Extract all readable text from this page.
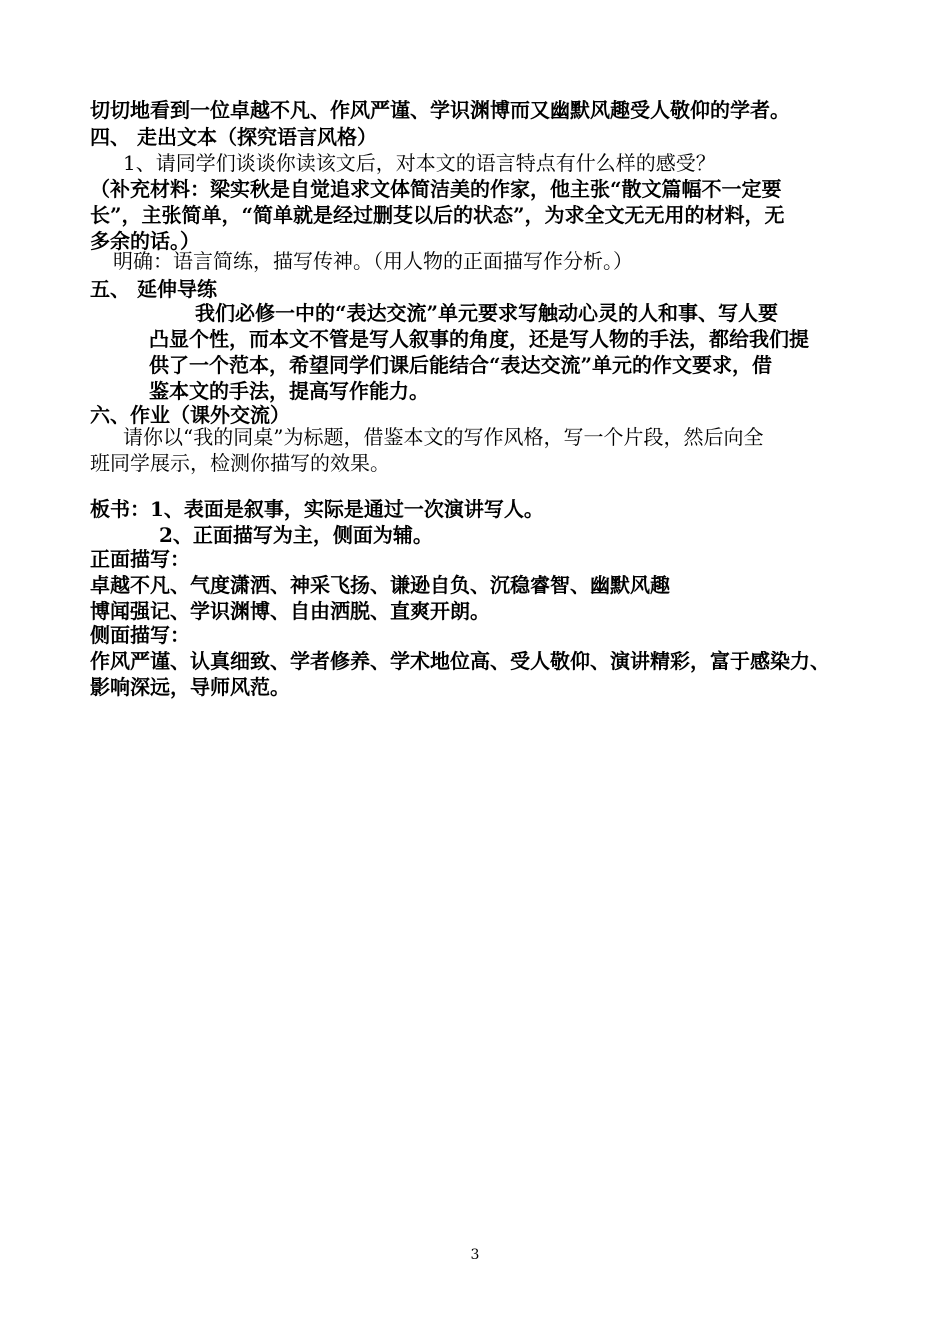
切切地看到一位卓越不凡、作风严谨、学识渊博而又幽默风趣受人敬仰的学者。
四、 走出文本（探究语言风格）
1、请同学们谈谈你读该文后，对本文的语言特点有什么样的感受？
（补充材料：梁实秋是自觉追求文体简洁美的作家，他主张“散文篇幅不一定要
长”，主张简单，“简单就是经过删芟以后的状态”，为求全文无无用的材料，无
多余的话。）
明确：语言简练，描写传神。（用人物的正面描写作分析。）
五、 延伸导练
我们必修一中的“表达交流”单元要求写触动心灵的人和事、写人要
凸显个性，而本文不管是写人叙事的角度，还是写人物的手法，都给我们提
供了一个范本，希望同学们课后能结合“表达交流”单元的作文要求，借
鉴本文的手法，提高写作能力。
六、作业（课外交流）
请你以“我的同桌”为标题，借鉴本文的写作风格，写一个片段，然后向全
班同学展示，检测你描写的效果。
板书：1、表面是叙事，实际是通过一次演讲写人。
2、正面描写为主，侧面为辅。
正面描写：
卓越不凡、气度潇洒、神采飞扬、谦逊自负、沉稳睿智、幽默风趣
博闻强记、学识渊博、自由洒脱、直爽开朗。
侧面描写：
作风严谨、认真细致、学者修养、学术地位高、受人敬仰、演讲精彩，富于感染力、
影响深远，导师风范。
3
